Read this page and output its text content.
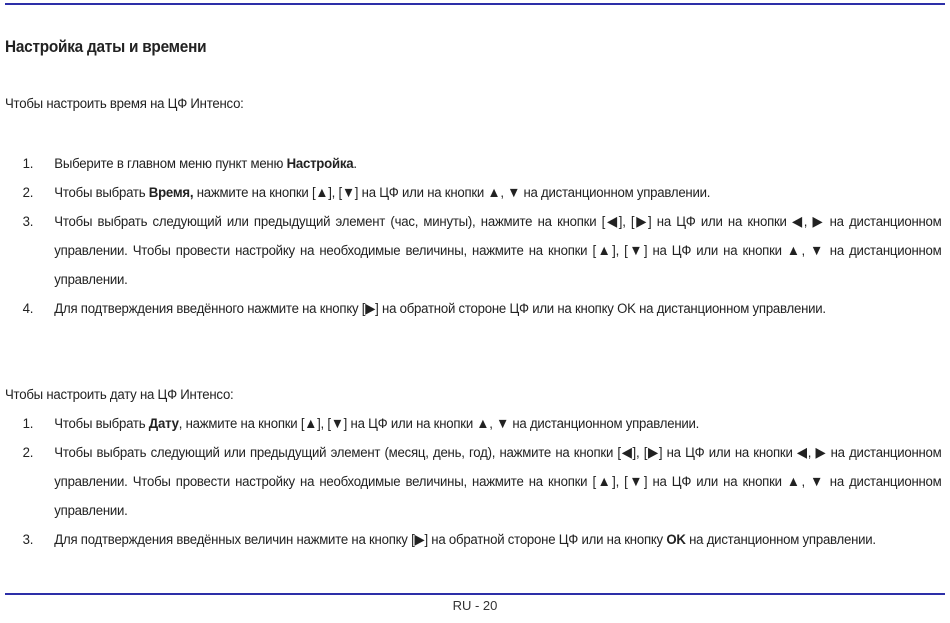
Настройка даты и времени
Чтобы настроить время на ЦФ Интенсо:
1. Выберите в главном меню пункт меню Настройка.
2. Чтобы выбрать Время, нажмите на кнопки [▲], [▼] на ЦФ или на кнопки ▲, ▼ на дистанционном управлении.
3. Чтобы выбрать следующий или предыдущий элемент (час, минуты), нажмите на кнопки [◀], [▶] на ЦФ или на кнопки ◀, ▶ на дистанционном управлении. Чтобы провести настройку на необходимые величины, нажмите на кнопки [▲], [▼] на ЦФ или на кнопки ▲, ▼ на дистанционном управлении.
4. Для подтверждения введённого нажмите на кнопку [▶] на обратной стороне ЦФ или на кнопку OK на дистанционном управлении.
Чтобы настроить дату на ЦФ Интенсо:
1. Чтобы выбрать Дату, нажмите на кнопки [▲], [▼] на ЦФ или на кнопки ▲, ▼ на дистанционном управлении.
2. Чтобы выбрать следующий или предыдущий элемент (месяц, день, год), нажмите на кнопки [◀], [▶] на ЦФ или на кнопки ◀, ▶ на дистанционном управлении. Чтобы провести настройку на необходимые величины, нажмите на кнопки [▲], [▼] на ЦФ или на кнопки ▲, ▼ на дистанционном управлении.
3. Для подтверждения введённых величин нажмите на кнопку [▶] на обратной стороне ЦФ или на кнопку OK на дистанционном управлении.
RU - 20
